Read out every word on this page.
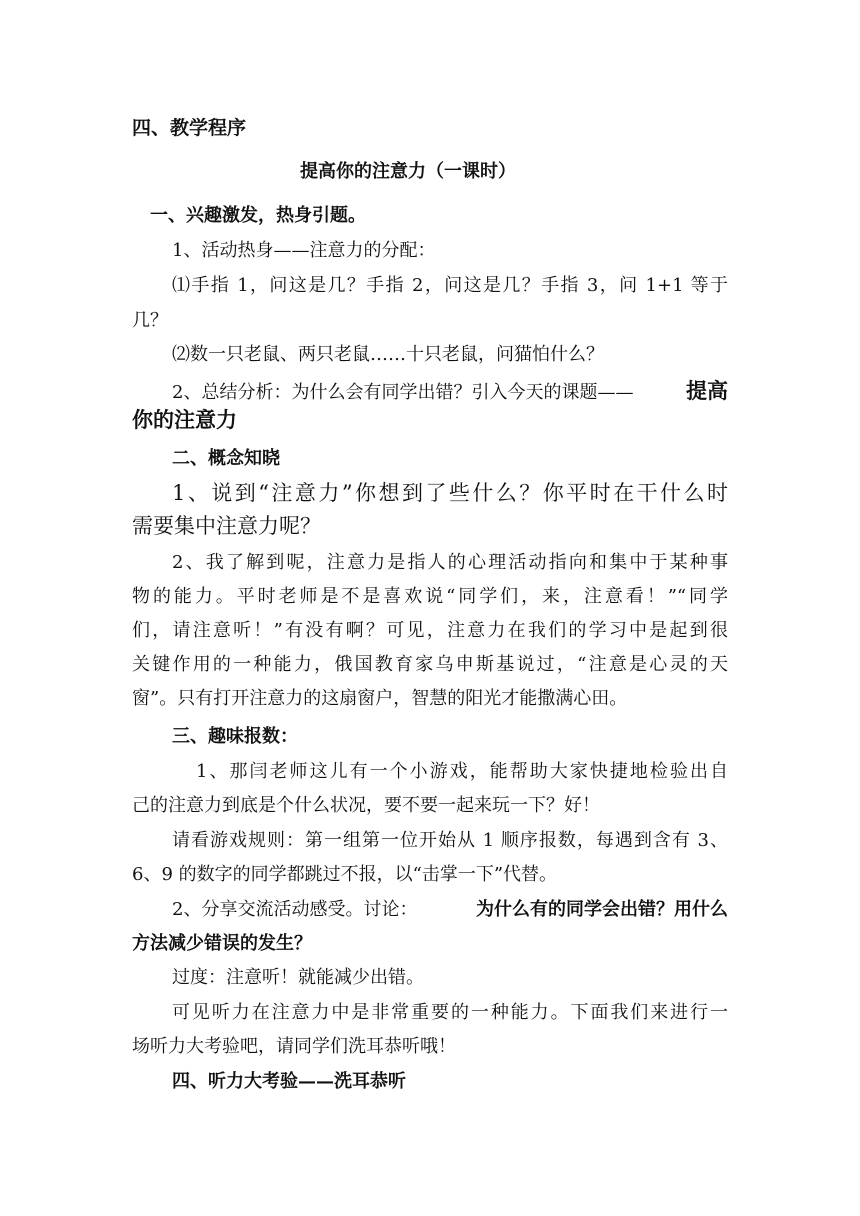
四、教学程序
提高你的注意力（一课时）
一、兴趣激发，热身引题。
1、活动热身——注意力的分配：
⑴手指 1，问这是几？手指 2，问这是几？手指 3，问 1+1 等于
几？
⑵数一只老鼠、两只老鼠……十只老鼠，问猫怕什么？
2、总结分析：为什么会有同学出错？引入今天的课题——	提高
你的注意力
二、概念知晓
1、说到“注意力”你想到了些什么？你平时在干什么时
需要集中注意力呢？
2、我了解到呢，注意力是指人的心理活动指向和集中于某种事
物的能力。平时老师是不是喜欢说“同学们，来，注意看！”“同学
们，请注意听！”有没有啊？可见，注意力在我们的学习中是起到很
关键作用的一种能力，俄国教育家乌申斯基说过，“注意是心灵的天
窗”。只有打开注意力的这扇窗户，智慧的阳光才能撒满心田。
三、趣味报数：
1、那闫老师这儿有一个小游戏，能帮助大家快捷地检验出自
己的注意力到底是个什么状况，要不要一起来玩一下？好！
请看游戏规则：第一组第一位开始从 1 顺序报数，每遇到含有 3、
6、9 的数字的同学都跳过不报，以“击掌一下”代替。
2、分享交流活动感受。讨论：	为什么有的同学会出错？用什么
方法减少错误的发生？
过度：注意听！就能减少出错。
可见听力在注意力中是非常重要的一种能力。下面我们来进行一
场听力大考验吧，请同学们洗耳恭听哦！
四、听力大考验——洗耳恭听
